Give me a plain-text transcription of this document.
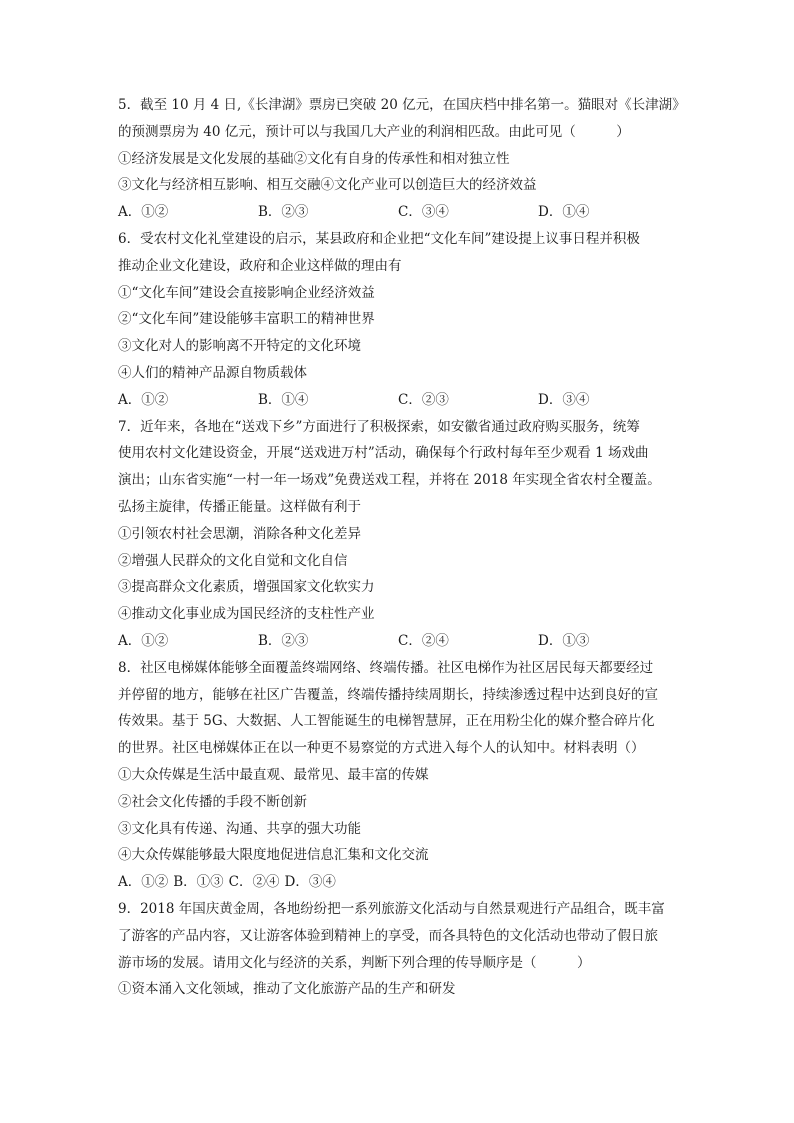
5．截至 10 月 4 日,《长津湖》票房已突破 20 亿元，在国庆档中排名第一。猫眼对《长津湖》
的预测票房为 40 亿元，预计可以与我国几大产业的利润相匹敌。由此可见（　　　）
①经济发展是文化发展的基础②文化有自身的传承性和相对独立性
③文化与经济相互影响、相互交融④文化产业可以创造巨大的经济效益
A．①②	B．②③	C．③④	D．①④
6．受农村文化礼堂建设的启示，某县政府和企业把“文化车间”建设提上议事日程并积极
推动企业文化建设，政府和企业这样做的理由有
①“文化车间”建设会直接影响企业经济效益
②“文化车间”建设能够丰富职工的精神世界
③文化对人的影响离不开特定的文化环境
④人们的精神产品源自物质载体
A．①②	B．①④	C．②③	D．③④
7．近年来，各地在“送戏下乡”方面进行了积极探索，如安徽省通过政府购买服务，统筹
使用农村文化建设资金，开展“送戏进万村”活动，确保每个行政村每年至少观看 1 场戏曲
演出；山东省实施“一村一年一场戏”免费送戏工程，并将在 2018 年实现全省农村全覆盖。
弘扬主旋律，传播正能量。这样做有利于
①引领农村社会思潮，消除各种文化差异
②增强人民群众的文化自觉和文化自信
③提高群众文化素质，增强国家文化软实力
④推动文化事业成为国民经济的支柱性产业
A．①②	B．②③	C．②④	D．①③
8．社区电梯媒体能够全面覆盖终端网络、终端传播。社区电梯作为社区居民每天都要经过
并停留的地方，能够在社区广告覆盖，终端传播持续周期长，持续渗透过程中达到良好的宣
传效果。基于 5G、大数据、人工智能诞生的电梯智慧屏，正在用粉尘化的媒介整合碎片化
的世界。社区电梯媒体正在以一种更不易察觉的方式进入每个人的认知中。材料表明（）
①大众传媒是生活中最直观、最常见、最丰富的传媒
②社会文化传播的手段不断创新
③文化具有传递、沟通、共享的强大功能
④大众传媒能够最大限度地促进信息汇集和文化交流
A．①② B．①③ C．②④ D．③④
9．2018 年国庆黄金周，各地纷纷把一系列旅游文化活动与自然景观进行产品组合，既丰富
了游客的产品内容，又让游客体验到精神上的享受，而各具特色的文化活动也带动了假日旅
游市场的发展。请用文化与经济的关系，判断下列合理的传导顺序是（　　　）
①资本涌入文化领域，推动了文化旅游产品的生产和研发
